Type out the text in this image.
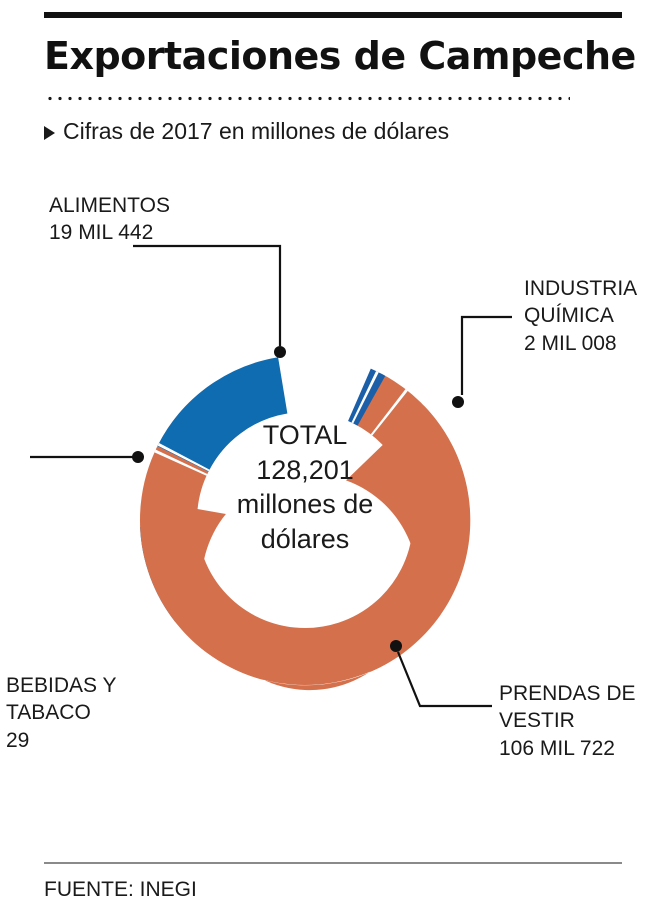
Exportaciones de Campeche
Cifras de 2017 en millones de dólares
TOTAL
128,201
millones de
dólares
ALIMENTOS
19 MIL 442
INDUSTRIA
QUÍMICA
2 MIL 008
BEBIDAS Y
TABACO
29
PRENDAS DE
VESTIR
106 MIL 722
FUENTE: INEGI
